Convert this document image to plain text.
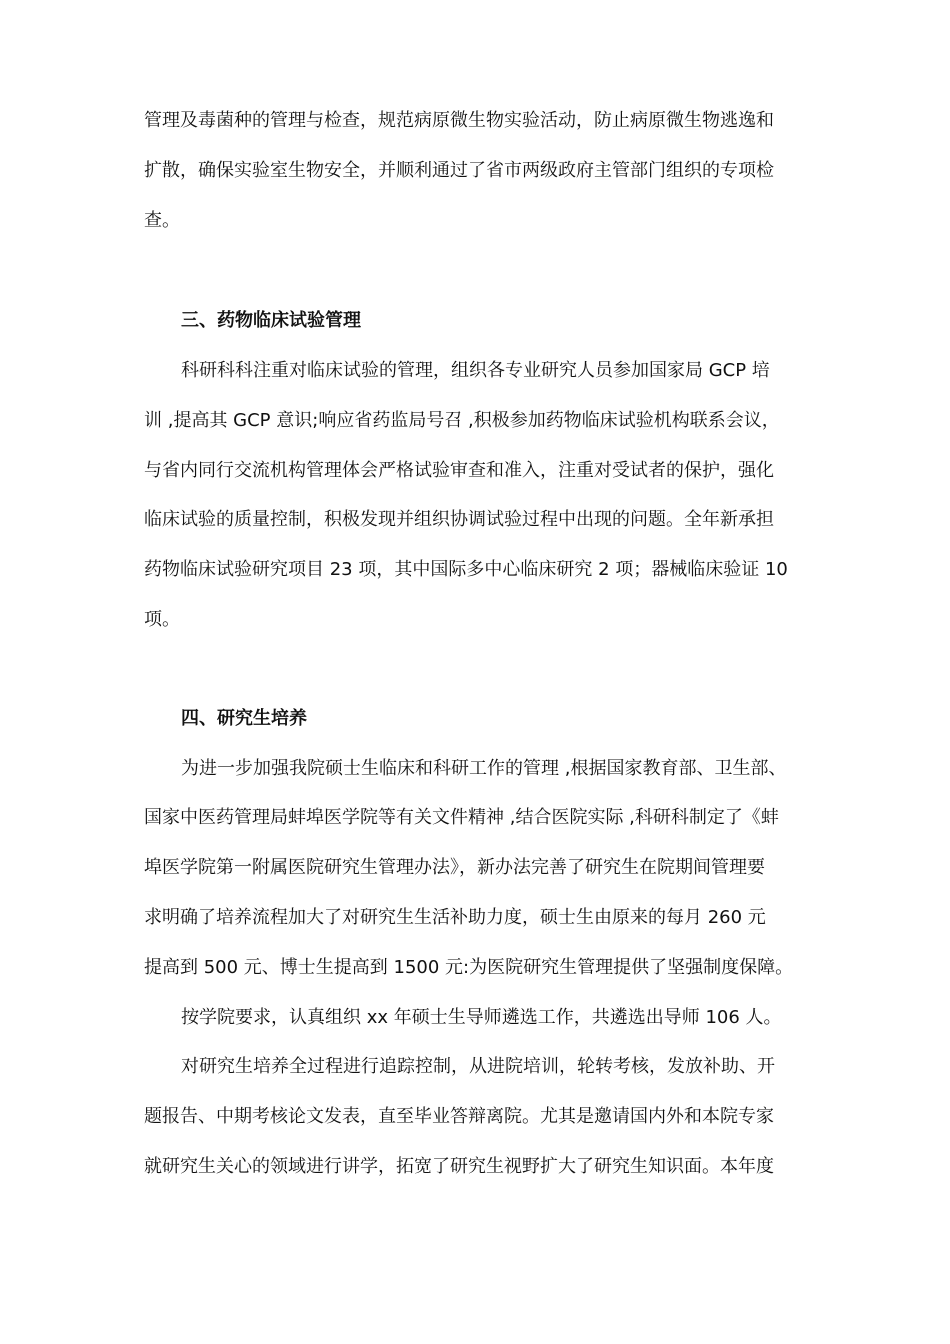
管理及毒菌种的管理与检查，规范病原微生物实验活动，防止病原微生物逃逸和
扩散，确保实验室生物安全，并顺利通过了省市两级政府主管部门组织的专项检
查。
三、药物临床试验管理
科研科科注重对临床试验的管理，组织各专业研究人员参加国家局 GCP 培
训 ,提高其 GCP 意识;响应省药监局号召 ,积极参加药物临床试验机构联系会议，
与省内同行交流机构管理体会严格试验审查和准入，注重对受试者的保护，强化
临床试验的质量控制，积极发现并组织协调试验过程中出现的问题。全年新承担
药物临床试验研究项目 23 项，其中国际多中心临床研究 2 项；器械临床验证 10
项。
四、研究生培养
为进一步加强我院硕士生临床和科研工作的管理 ,根据国家教育部、卫生部、
国家中医药管理局蚌埠医学院等有关文件精神 ,结合医院实际 ,科研科制定了《蚌
埠医学院第一附属医院研究生管理办法》，新办法完善了研究生在院期间管理要
求明确了培养流程加大了对研究生生活补助力度，硕士生由原来的每月 260 元
提高到 500 元、博士生提高到 1500 元:为医院研究生管理提供了坚强制度保障。
按学院要求，认真组织 xx 年硕士生导师遴选工作，共遴选出导师 106 人。
对研究生培养全过程进行追踪控制，从进院培训，轮转考核，发放补助、开
题报告、中期考核论文发表，直至毕业答辩离院。尤其是邀请国内外和本院专家
就研究生关心的领域进行讲学，拓宽了研究生视野扩大了研究生知识面。本年度
